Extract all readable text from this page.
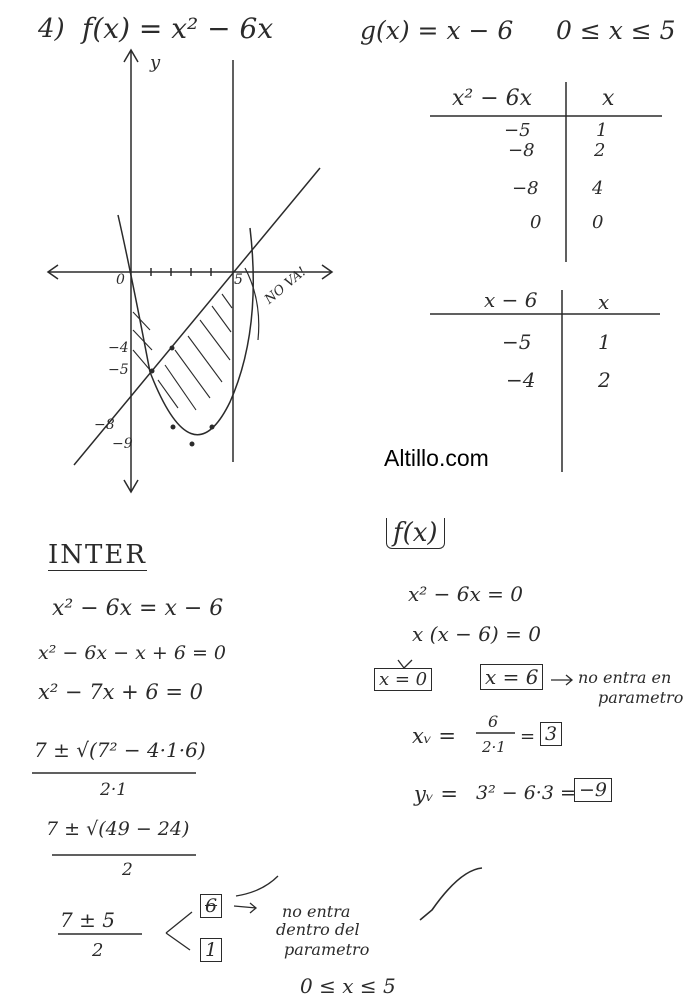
4) f(x) = x² − 6x	g(x) = x − 6 0 ≤ x ≤ 5
y
0	5
−4
−5
−8
−9
NO VA!
x² − 6x	x
−5	1
−8	2
−8	4
0	0
x − 6	x
−5	1
−4	2
Altillo.com
INTER
x² − 6x = x − 6
x² − 6x − x + 6 = 0
x² − 7x + 6 = 0
7 ± √(7² − 4·1·6)
2·1
7 ± √(49 − 24)
2
7 ± 5
2
6
1
no entra
dentro del
parametro
0 ≤ x ≤ 5
f(x)
x² − 6x = 0
x (x − 6) = 0
x = 0	x = 6	no entra en
parametro
xᵥ =
6
2·1 = 3
yᵥ = 3² − 6·3 = −9
